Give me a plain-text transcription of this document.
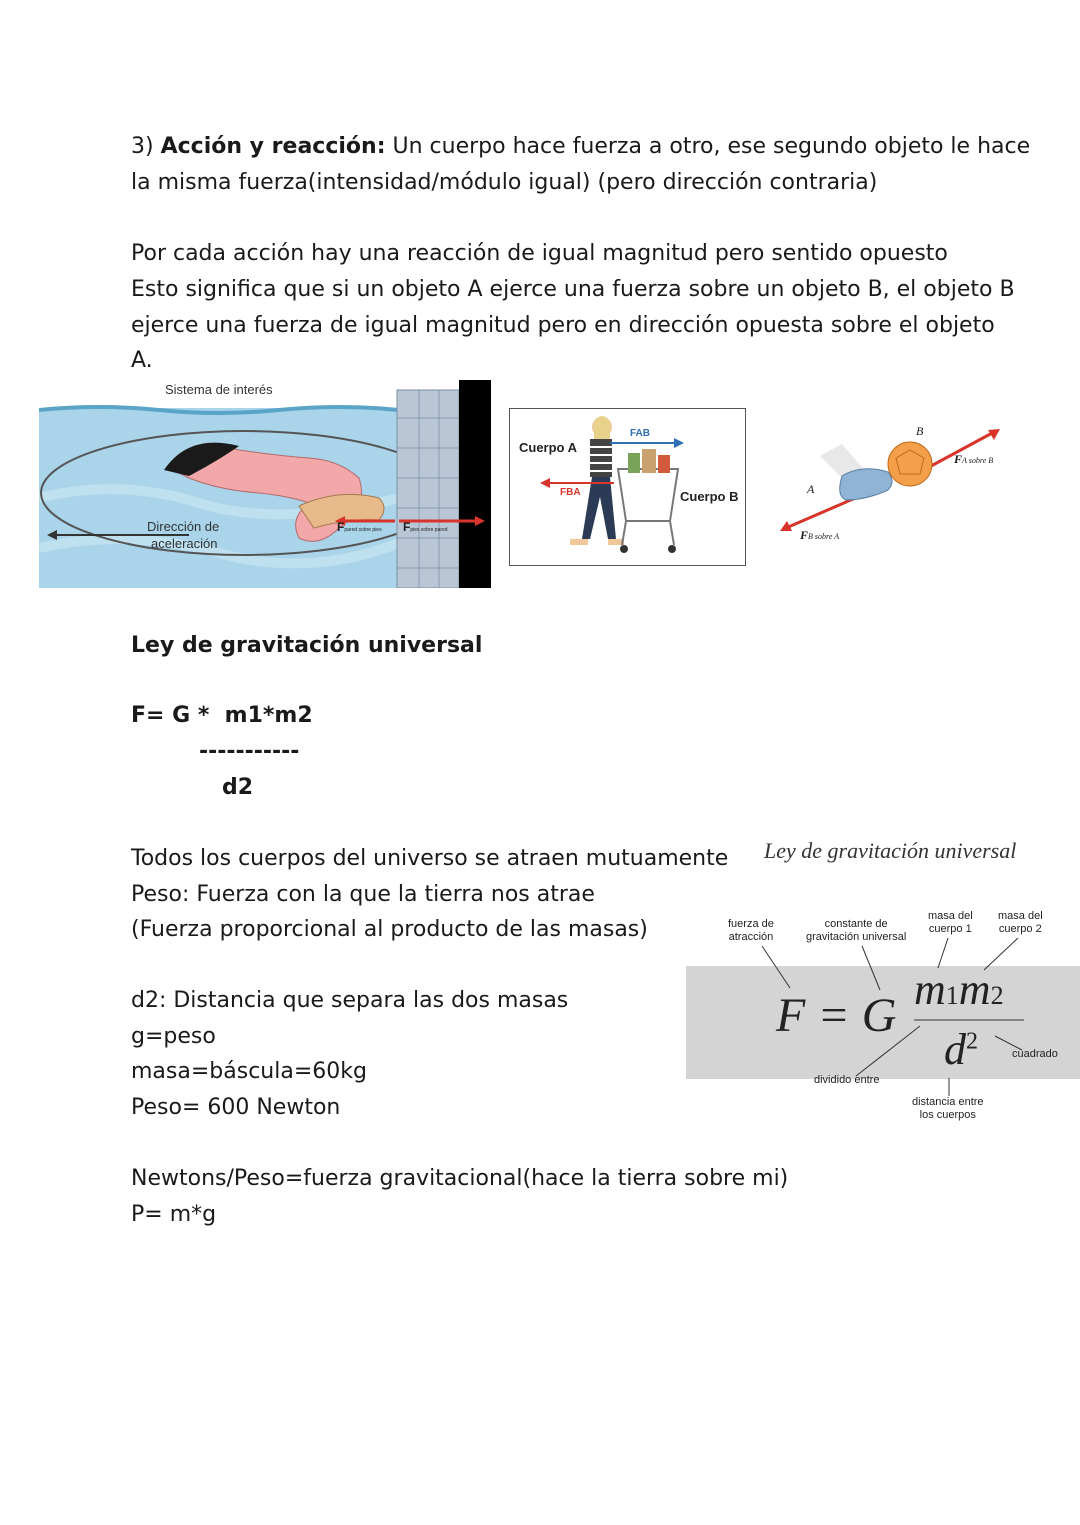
3) Acción y reacción: Un cuerpo hace fuerza a otro, ese segundo objeto le hace
la misma fuerza(intensidad/módulo igual) (pero dirección contraria)
Por cada acción hay una reacción de igual magnitud pero sentido opuesto
Esto significa que si un objeto A ejerce una fuerza sobre un objeto B, el objeto B
ejerce una fuerza de igual magnitud pero en dirección opuesta sobre el objeto
A.
Sistema de interés
Dirección de
aceleración
Fpared sobre pies Fpies sobre pared
Cuerpo A
Cuerpo B
FAB
FBA
B
A
FA sobre B
FB sobre A
Ley de gravitación universal
F= G *  m1*m2
-----------
d2
Todos los cuerpos del universo se atraen mutuamente
Peso: Fuerza con la que la tierra nos atrae
(Fuerza proporcional al producto de las masas)
d2: Distancia que separa las dos masas
g=peso
masa=báscula=60kg
Peso= 600 Newton
Newtons/Peso=fuerza gravitacional(hace la tierra sobre mi)
P= m*g
Ley de gravitación universal
fuerza de
atracción
constante de
gravitación universal
masa del
cuerpo 1
masa del
cuerpo 2
F = G m1m2
$d^2$	cuadrado
dividido entre
distancia entre
los cuerpos
